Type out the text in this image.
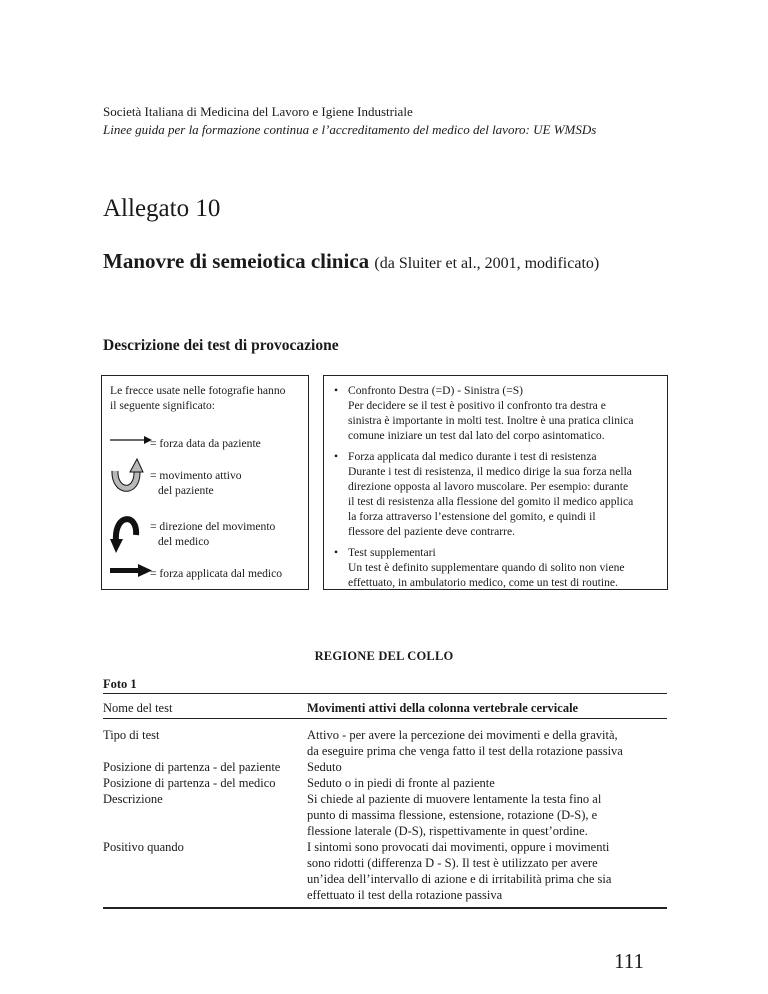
Società Italiana di Medicina del Lavoro e Igiene Industriale
Linee guida per la formazione continua e l’accreditamento del medico del lavoro: UE WMSDs
Allegato 10
Manovre di semeiotica clinica (da Sluiter et al., 2001, modificato)
Descrizione dei test di provocazione
Le frecce usate nelle fotografie hanno
il seguente significato:
= forza data da paziente
= movimento attivo
del paziente
= direzione del movimento
del medico
= forza applicata dal medico
• Confronto Destra (=D) - Sinistra (=S)
Per decidere se il test è positivo il confronto tra destra e
sinistra è importante in molti test. Inoltre è una pratica clinica
comune iniziare un test dal lato del corpo asintomatico.
• Forza applicata dal medico durante i test di resistenza
Durante i test di resistenza, il medico dirige la sua forza nella
direzione opposta al lavoro muscolare. Per esempio: durante
il test di resistenza alla flessione del gomito il medico applica
la forza attraverso l’estensione del gomito, e quindi il
flessore del paziente deve contrarre.
• Test supplementari
Un test è definito supplementare quando di solito non viene
effettuato, in ambulatorio medico, come un test di routine.
REGIONE DEL COLLO
Foto 1
Nome del test	Movimenti attivi della colonna vertebrale cervicale
Tipo di test
Posizione di partenza - del paziente
Posizione di partenza - del medico
Descrizione
Positivo quando
Attivo - per avere la percezione dei movimenti e della gravità,
da eseguire prima che venga fatto il test della rotazione passiva
Seduto
Seduto o in piedi di fronte al paziente
Si chiede al paziente di muovere lentamente la testa fino al
punto di massima flessione, estensione, rotazione (D-S), e
flessione laterale (D-S), rispettivamente in quest’ordine.
I sintomi sono provocati dai movimenti, oppure i movimenti
sono ridotti (differenza D - S). Il test è utilizzato per avere
un’idea dell’intervallo di azione e di irritabilità prima che sia
effettuato il test della rotazione passiva
111
